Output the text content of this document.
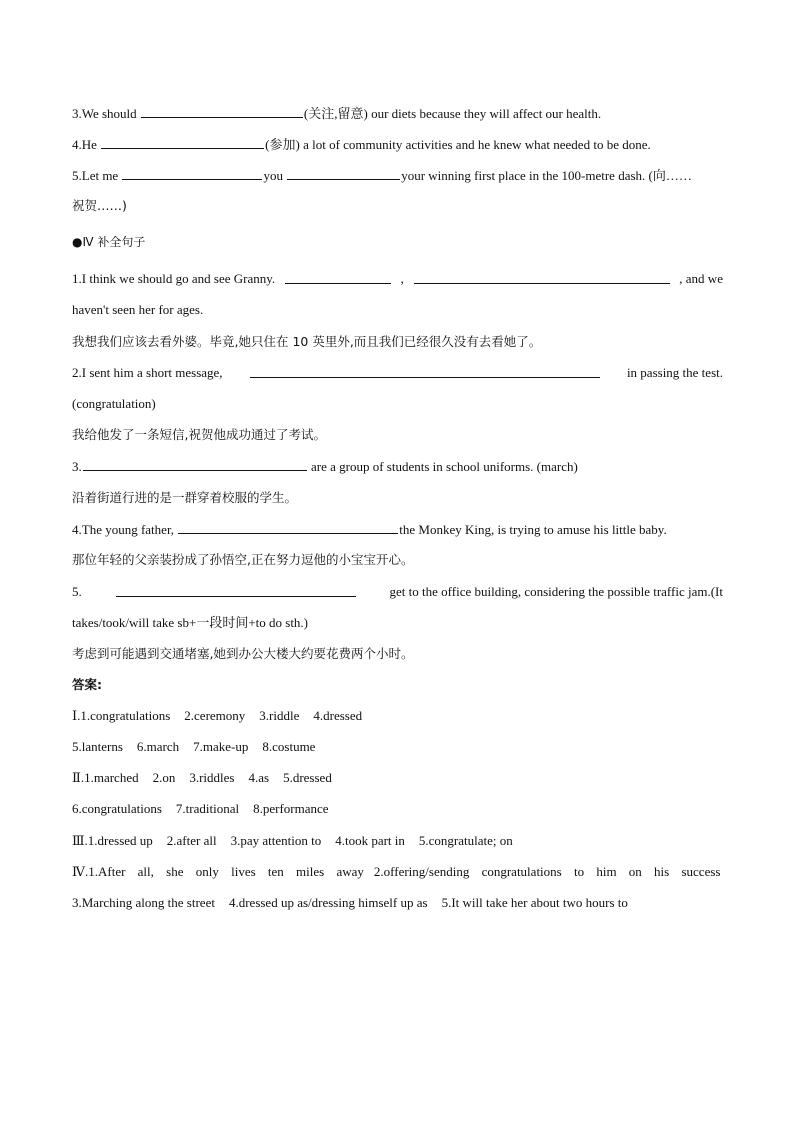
3.We should	(关注,留意) our diets because they will affect our health.
4.He	(参加) a lot of community activities and he knew what needed to be done.
5.Let me	you	your winning first place in the 100-metre dash. (向……
祝贺……)
●Ⅳ 补全句子
1.I think we should go and see Granny.	,	, and we
haven't seen her for ages.
我想我们应该去看外婆。毕竟,她只住在 10 英里外,而且我们已经很久没有去看她了。
2.I sent him a short message,	in passing the test.
(congratulation)
我给他发了一条短信,祝贺他成功通过了考试。
3.	are a group of students in school uniforms. (march)
沿着街道行进的是一群穿着校服的学生。
4.The young father,	the Monkey King, is trying to amuse his little baby.
那位年轻的父亲装扮成了孙悟空,正在努力逗他的小宝宝开心。
5.	get to the office building, considering the possible traffic jam.(It
takes/took/will take sb+一段时间+to do sth.)
考虑到可能遇到交通堵塞,她到办公大楼大约要花费两个小时。
答案:
Ⅰ.1.congratulations 2.ceremony 3.riddle 4.dressed
5.lanterns 6.march 7.make-up 8.costume
Ⅱ.1.marched 2.on 3.riddles 4.as 5.dressed
6.congratulations 7.traditional 8.performance
Ⅲ.1.dressed up 2.after all 3.pay attention to 4.took part in 5.congratulate; on
Ⅳ.1.After all, she only lives ten miles away 2.offering/sending congratulations to him on his success
3.Marching along the street 4.dressed up as/dressing himself up as 5.It will take her about two hours to
